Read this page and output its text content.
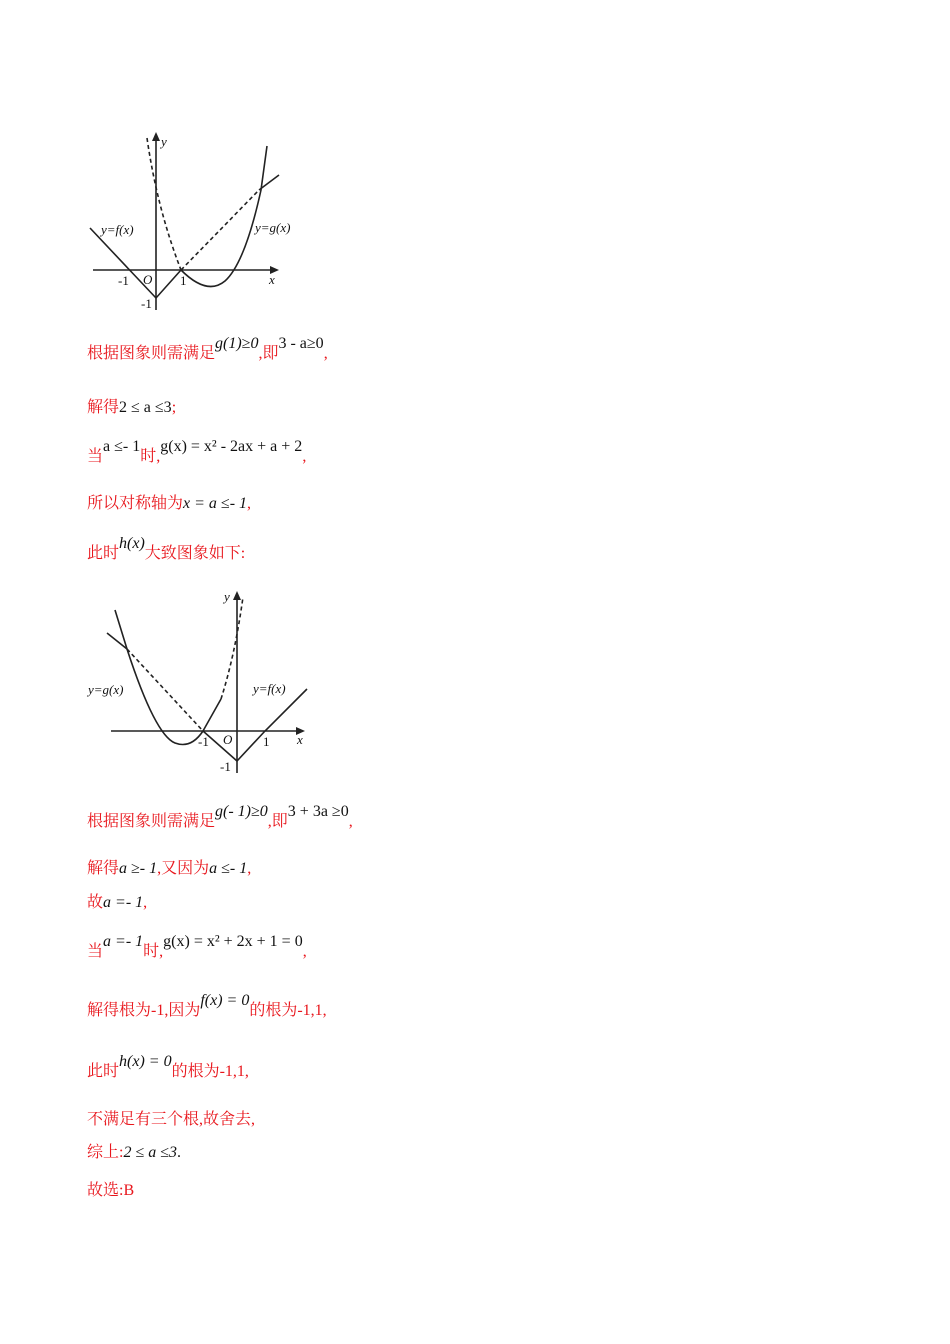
y
x
y=f(x)	y=g(x)
-1 O 1
-1
根据图象则需满足g(1)≥0,即3 - a≥0,
解得2 ≤ a ≤3;
当a ≤- 1时,g(x) = x² - 2ax + a + 2,
所以对称轴为x = a ≤- 1,
此时h(x)大致图象如下:
y
x
y=g(x)	y=f(x)
-1 O 1
-1
根据图象则需满足g(- 1)≥0,即3 + 3a ≥0,
解得a ≥- 1,又因为a ≤- 1,
故a =- 1,
当a =- 1时,g(x) = x² + 2x + 1 = 0,
解得根为-1,因为f(x) = 0的根为-1,1,
此时h(x) = 0的根为-1,1,
不满足有三个根,故舍去,
综上:2 ≤ a ≤3.
故选:B
